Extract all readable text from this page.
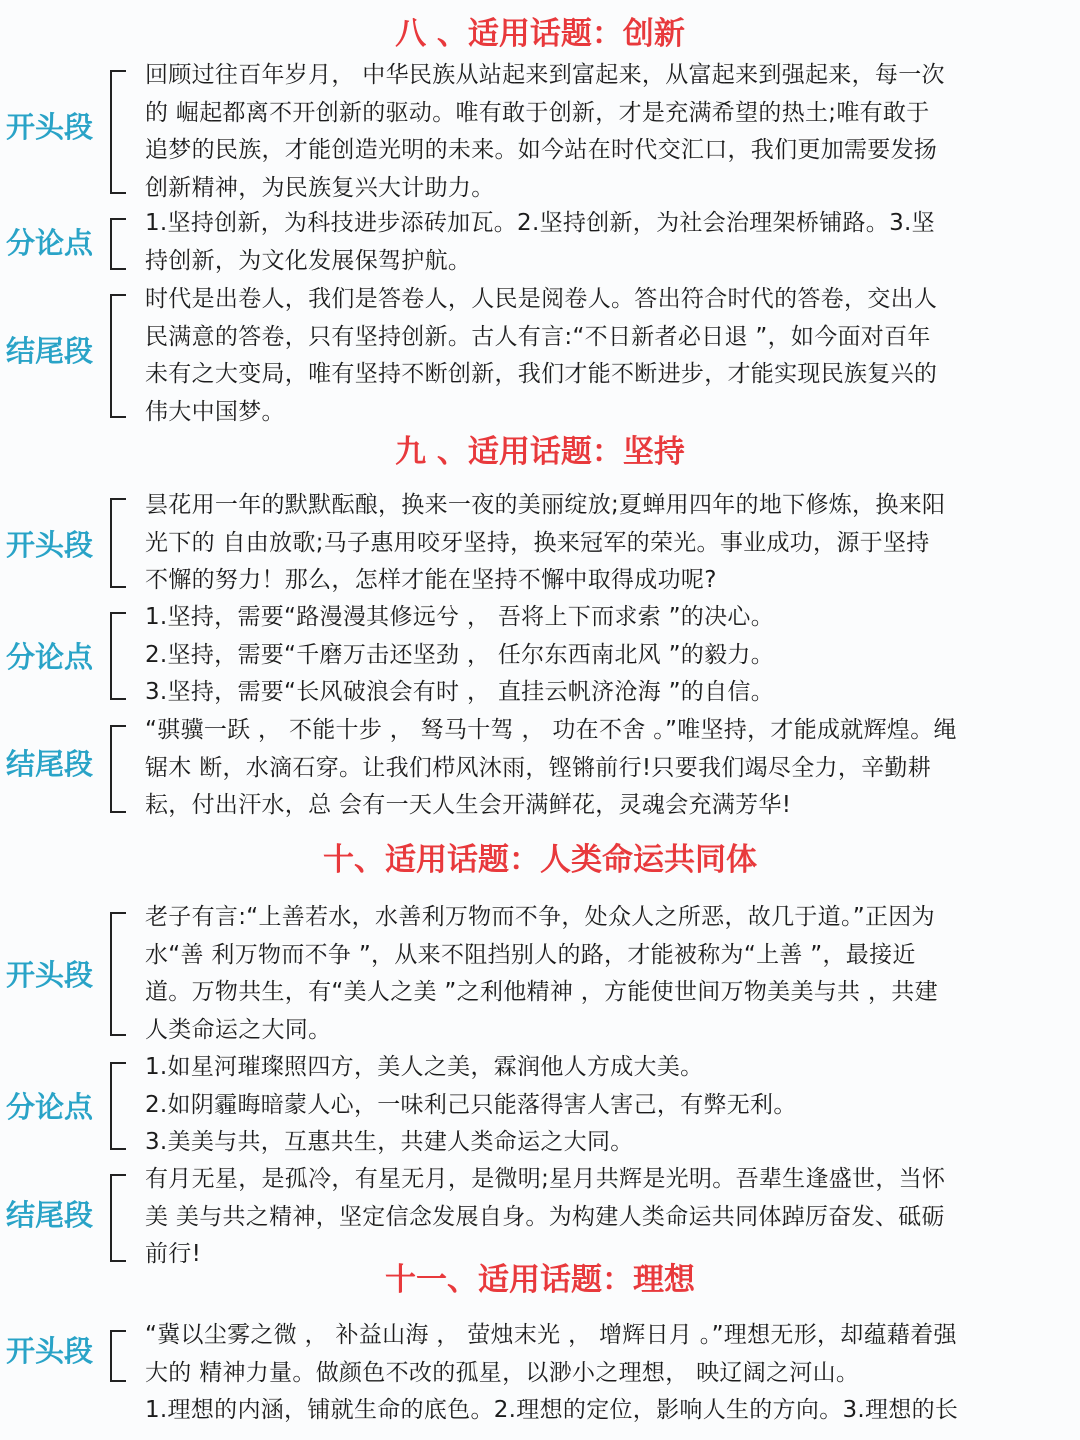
八 、适用话题：创新
开头段
回顾过往百年岁月， 中华民族从站起来到富起来，从富起来到强起来，每一次
的 崛起都离不开创新的驱动。唯有敢于创新，才是充满希望的热土;唯有敢于
追梦的民族，才能创造光明的未来。如今站在时代交汇口，我们更加需要发扬
创新精神，为民族复兴大计助力。
分论点
1.坚持创新，为科技进步添砖加瓦。2.坚持创新，为社会治理架桥铺路。3.坚
持创新，为文化发展保驾护航。
结尾段
时代是出卷人，我们是答卷人，人民是阅卷人。答出符合时代的答卷，交出人
民满意的答卷，只有坚持创新。古人有言:“不日新者必日退 ”，如今面对百年
未有之大变局，唯有坚持不断创新，我们才能不断进步，才能实现民族复兴的
伟大中国梦。
九 、适用话题：坚持
开头段
昙花用一年的默默酝酿，换来一夜的美丽绽放;夏蝉用四年的地下修炼，换来阳
光下的 自由放歌;马子惠用咬牙坚持，换来冠军的荣光。事业成功，源于坚持
不懈的努力！那么，怎样才能在坚持不懈中取得成功呢?
分论点
1.坚持，需要“路漫漫其修远兮 ， 吾将上下而求索 ”的决心。
2.坚持，需要“千磨万击还坚劲 ， 任尔东西南北风 ”的毅力。
3.坚持，需要“长风破浪会有时 ， 直挂云帆济沧海 ”的自信。
结尾段
“骐骥一跃 ， 不能十步 ， 驽马十驾 ， 功在不舍 。”唯坚持，才能成就辉煌。绳
锯木 断，水滴石穿。让我们栉风沐雨，铿锵前行!只要我们竭尽全力，辛勤耕
耘，付出汗水，总 会有一天人生会开满鲜花，灵魂会充满芳华!
十、适用话题：人类命运共同体
开头段
老子有言:“上善若水，水善利万物而不争，处众人之所恶，故几于道。”正因为
水“善 利万物而不争 ”，从来不阻挡别人的路，才能被称为“上善 ”，最接近
道。万物共生，有“美人之美 ”之利他精神 ，方能使世间万物美美与共 ，共建
人类命运之大同。
分论点
1.如星河璀璨照四方，美人之美，霖润他人方成大美。
2.如阴霾晦暗蒙人心，一味利己只能落得害人害己，有弊无利。
3.美美与共，互惠共生，共建人类命运之大同。
结尾段
有月无星，是孤冷，有星无月，是微明;星月共辉是光明。吾辈生逢盛世，当怀
美 美与共之精神，坚定信念发展自身。为构建人类命运共同体踔厉奋发、砥砺
前行!
十一、适用话题：理想
开头段	“冀以尘雾之微 ， 补益山海 ， 萤烛末光 ， 增辉日月 。”理想无形，却蕴藉着强
大的 精神力量。做颜色不改的孤星，以渺小之理想， 映辽阔之河山。
1.理想的内涵，铺就生命的底色。2.理想的定位，影响人生的方向。3.理想的长
